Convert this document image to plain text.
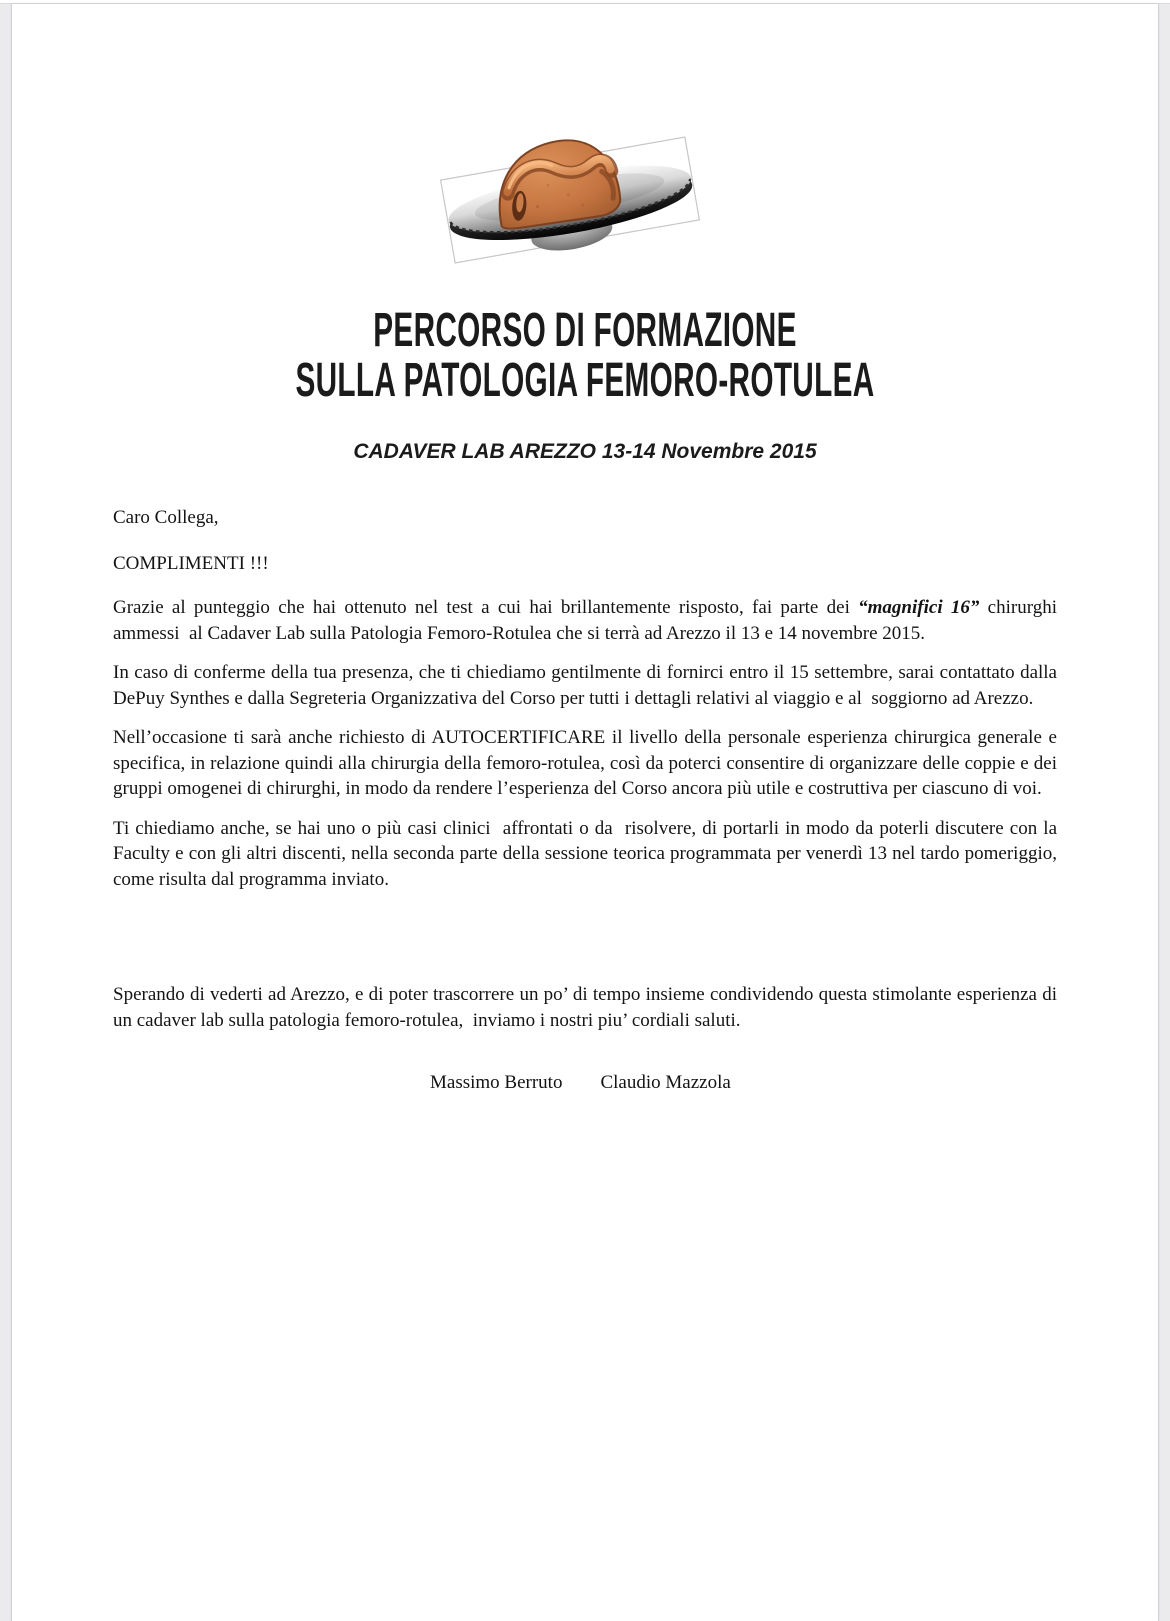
PERCORSO DI FORMAZIONE
SULLA PATOLOGIA FEMORO-ROTULEA
CADAVER LAB AREZZO 13-14 Novembre 2015

Caro Collega,

COMPLIMENTI !!!

Grazie al punteggio che hai ottenuto nel test a cui hai brillantemente risposto, fai parte dei “magnifici 16” chirurghi ammessi  al Cadaver Lab sulla Patologia Femoro-Rotulea che si terrà ad Arezzo il 13 e 14 novembre 2015.

In caso di conferme della tua presenza, che ti chiediamo gentilmente di fornirci entro il 15 settembre, sarai contattato dalla DePuy Synthes e dalla Segreteria Organizzativa del Corso per tutti i dettagli relativi al viaggio e al  soggiorno ad Arezzo.

Nell’occasione ti sarà anche richiesto di AUTOCERTIFICARE il livello della personale esperienza chirurgica generale e specifica, in relazione quindi alla chirurgia della femoro-rotulea, così da poterci consentire di organizzare delle coppie e dei gruppi omogenei di chirurghi, in modo da rendere l’esperienza del Corso ancora più utile e costruttiva per ciascuno di voi.

Ti chiediamo anche, se hai uno o più casi clinici  affrontati o da  risolvere, di portarli in modo da poterli discutere con la Faculty e con gli altri discenti, nella seconda parte della sessione teorica programmata per venerdì 13 nel tardo pomeriggio, come risulta dal programma inviato.

Sperando di vederti ad Arezzo, e di poter trascorrere un po’ di tempo insieme condividendo questa stimolante esperienza di un cadaver lab sulla patologia femoro-rotulea,  inviamo i nostri piu’ cordiali saluti.

Massimo Berruto Claudio Mazzola
